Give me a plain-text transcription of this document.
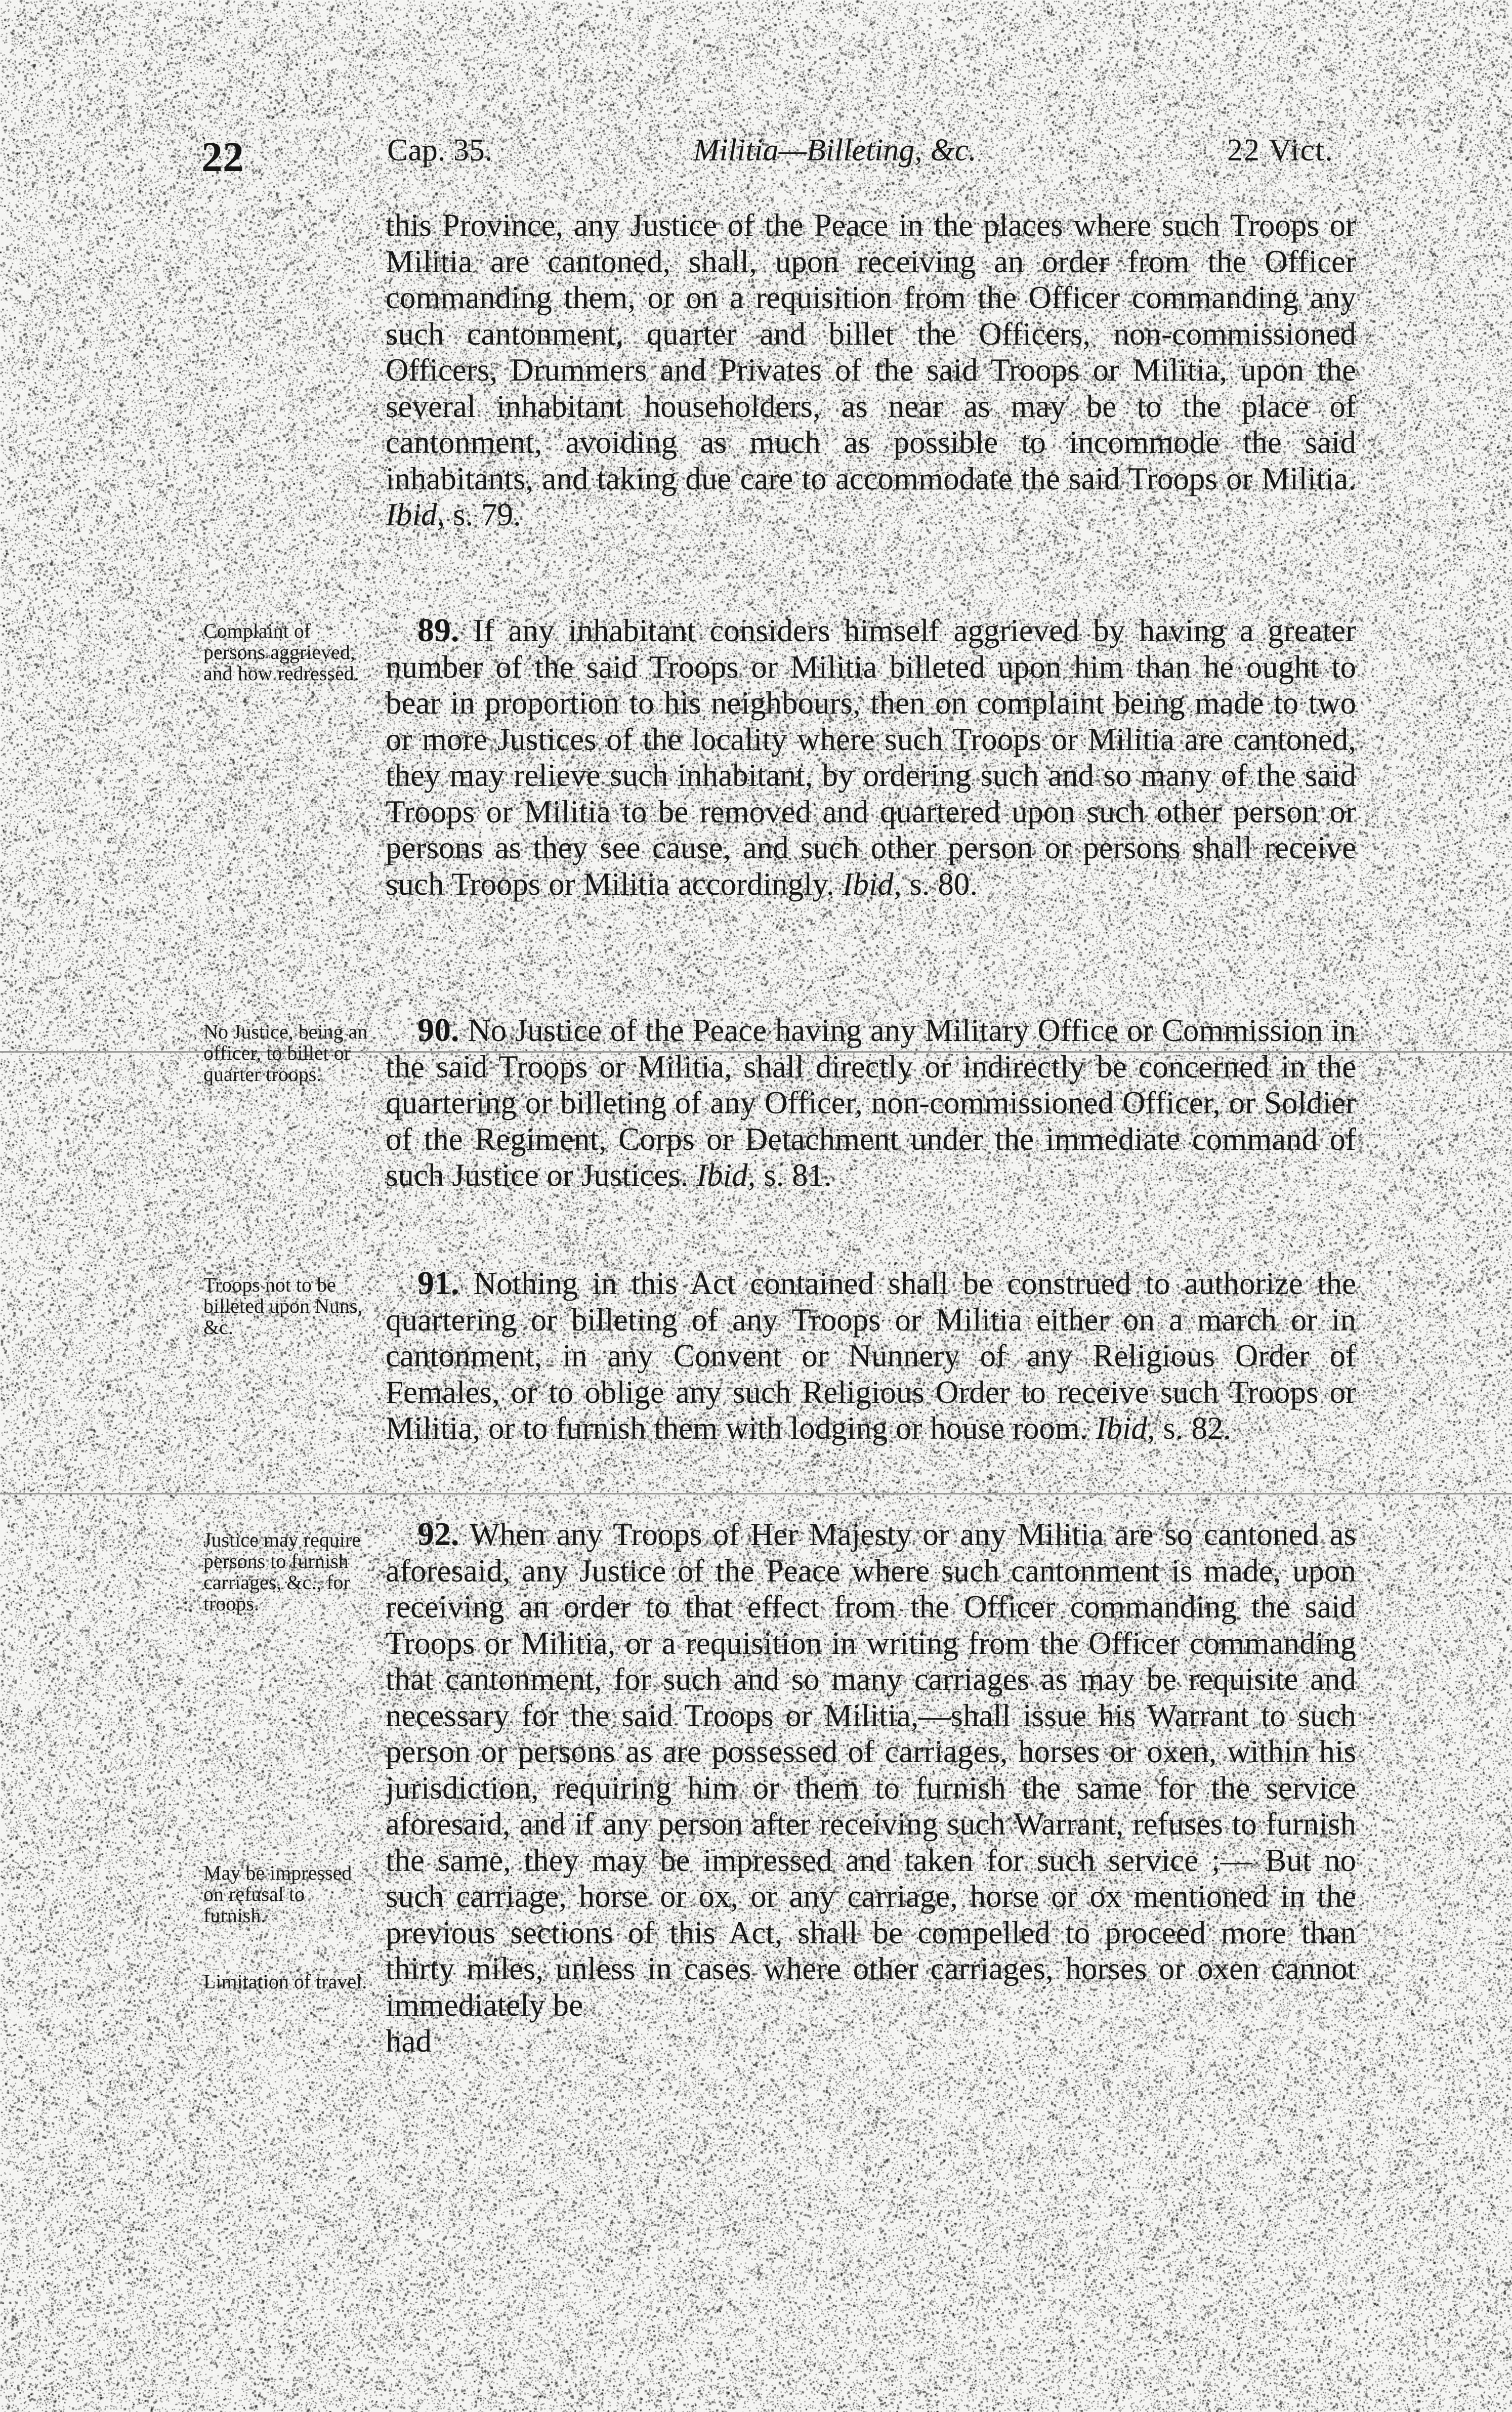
22	Cap. 35.	Militia—Billeting, &c.	22 Vict.

this Province, any Justice of the Peace in the places where such Troops or Militia are cantoned, shall, upon receiving an order from the Officer commanding them, or on a requisition from the Officer commanding any such cantonment, quarter and billet the Officers, non-commissioned Officers, Drummers and Privates of the said Troops or Militia, upon the several inhabitant householders, as near as may be to the place of cantonment, avoiding as much as possible to incommode the said inhabitants, and taking due care to accommodate the said Troops or Militia. Ibid, s. 79.

Complaint of persons aggrieved, and how redressed.

 89. If any inhabitant considers himself aggrieved by having a greater number of the said Troops or Militia billeted upon him than he ought to bear in proportion to his neighbours, then on complaint being made to two or more Justices of the locality where such Troops or Militia are cantoned, they may relieve such inhabitant, by ordering such and so many of the said Troops or Militia to be removed and quartered upon such other person or persons as they see cause, and such other person or persons shall receive such Troops or Militia accordingly. Ibid, s. 80.

No Justice, being an officer, to billet or quarter troops.

 90. No Justice of the Peace having any Military Office or Commission in the said Troops or Militia, shall directly or indirectly be concerned in the quartering or billeting of any Officer, non-commissioned Officer, or Soldier of the Regiment, Corps or Detachment under the immediate command of such Justice or Justices. Ibid, s. 81.

Troops not to be billeted upon Nuns, &c.

 91. Nothing in this Act contained shall be construed to authorize the quartering or billeting of any Troops or Militia either on a march or in cantonment, in any Convent or Nunnery of any Religious Order of Females, or to oblige any such Religious Order to receive such Troops or Militia, or to furnish them with lodging or house room. Ibid, s. 82.

Justice may require persons to furnish carriages, &c., for troops.
May be impressed on refusal to furnish.
Limitation of travel.

 92. When any Troops of Her Majesty or any Militia are so cantoned as aforesaid, any Justice of the Peace where such cantonment is made, upon receiving an order to that effect from the Officer commanding the said Troops or Militia, or a requisition in writing from the Officer commanding that cantonment, for such and so many carriages as may be requisite and necessary for the said Troops or Militia,—shall issue his Warrant to such person or persons as are possessed of carriages, horses or oxen, within his jurisdiction, requiring him or them to furnish the same for the service aforesaid, and if any person after receiving such Warrant, refuses to furnish the same, they may be impressed and taken for such service ;— But no such carriage, horse or ox, or any carriage, horse or ox mentioned in the previous sections of this Act, shall be compelled to proceed more than thirty miles, unless in cases where other carriages, horses or oxen cannot immediately be

had
